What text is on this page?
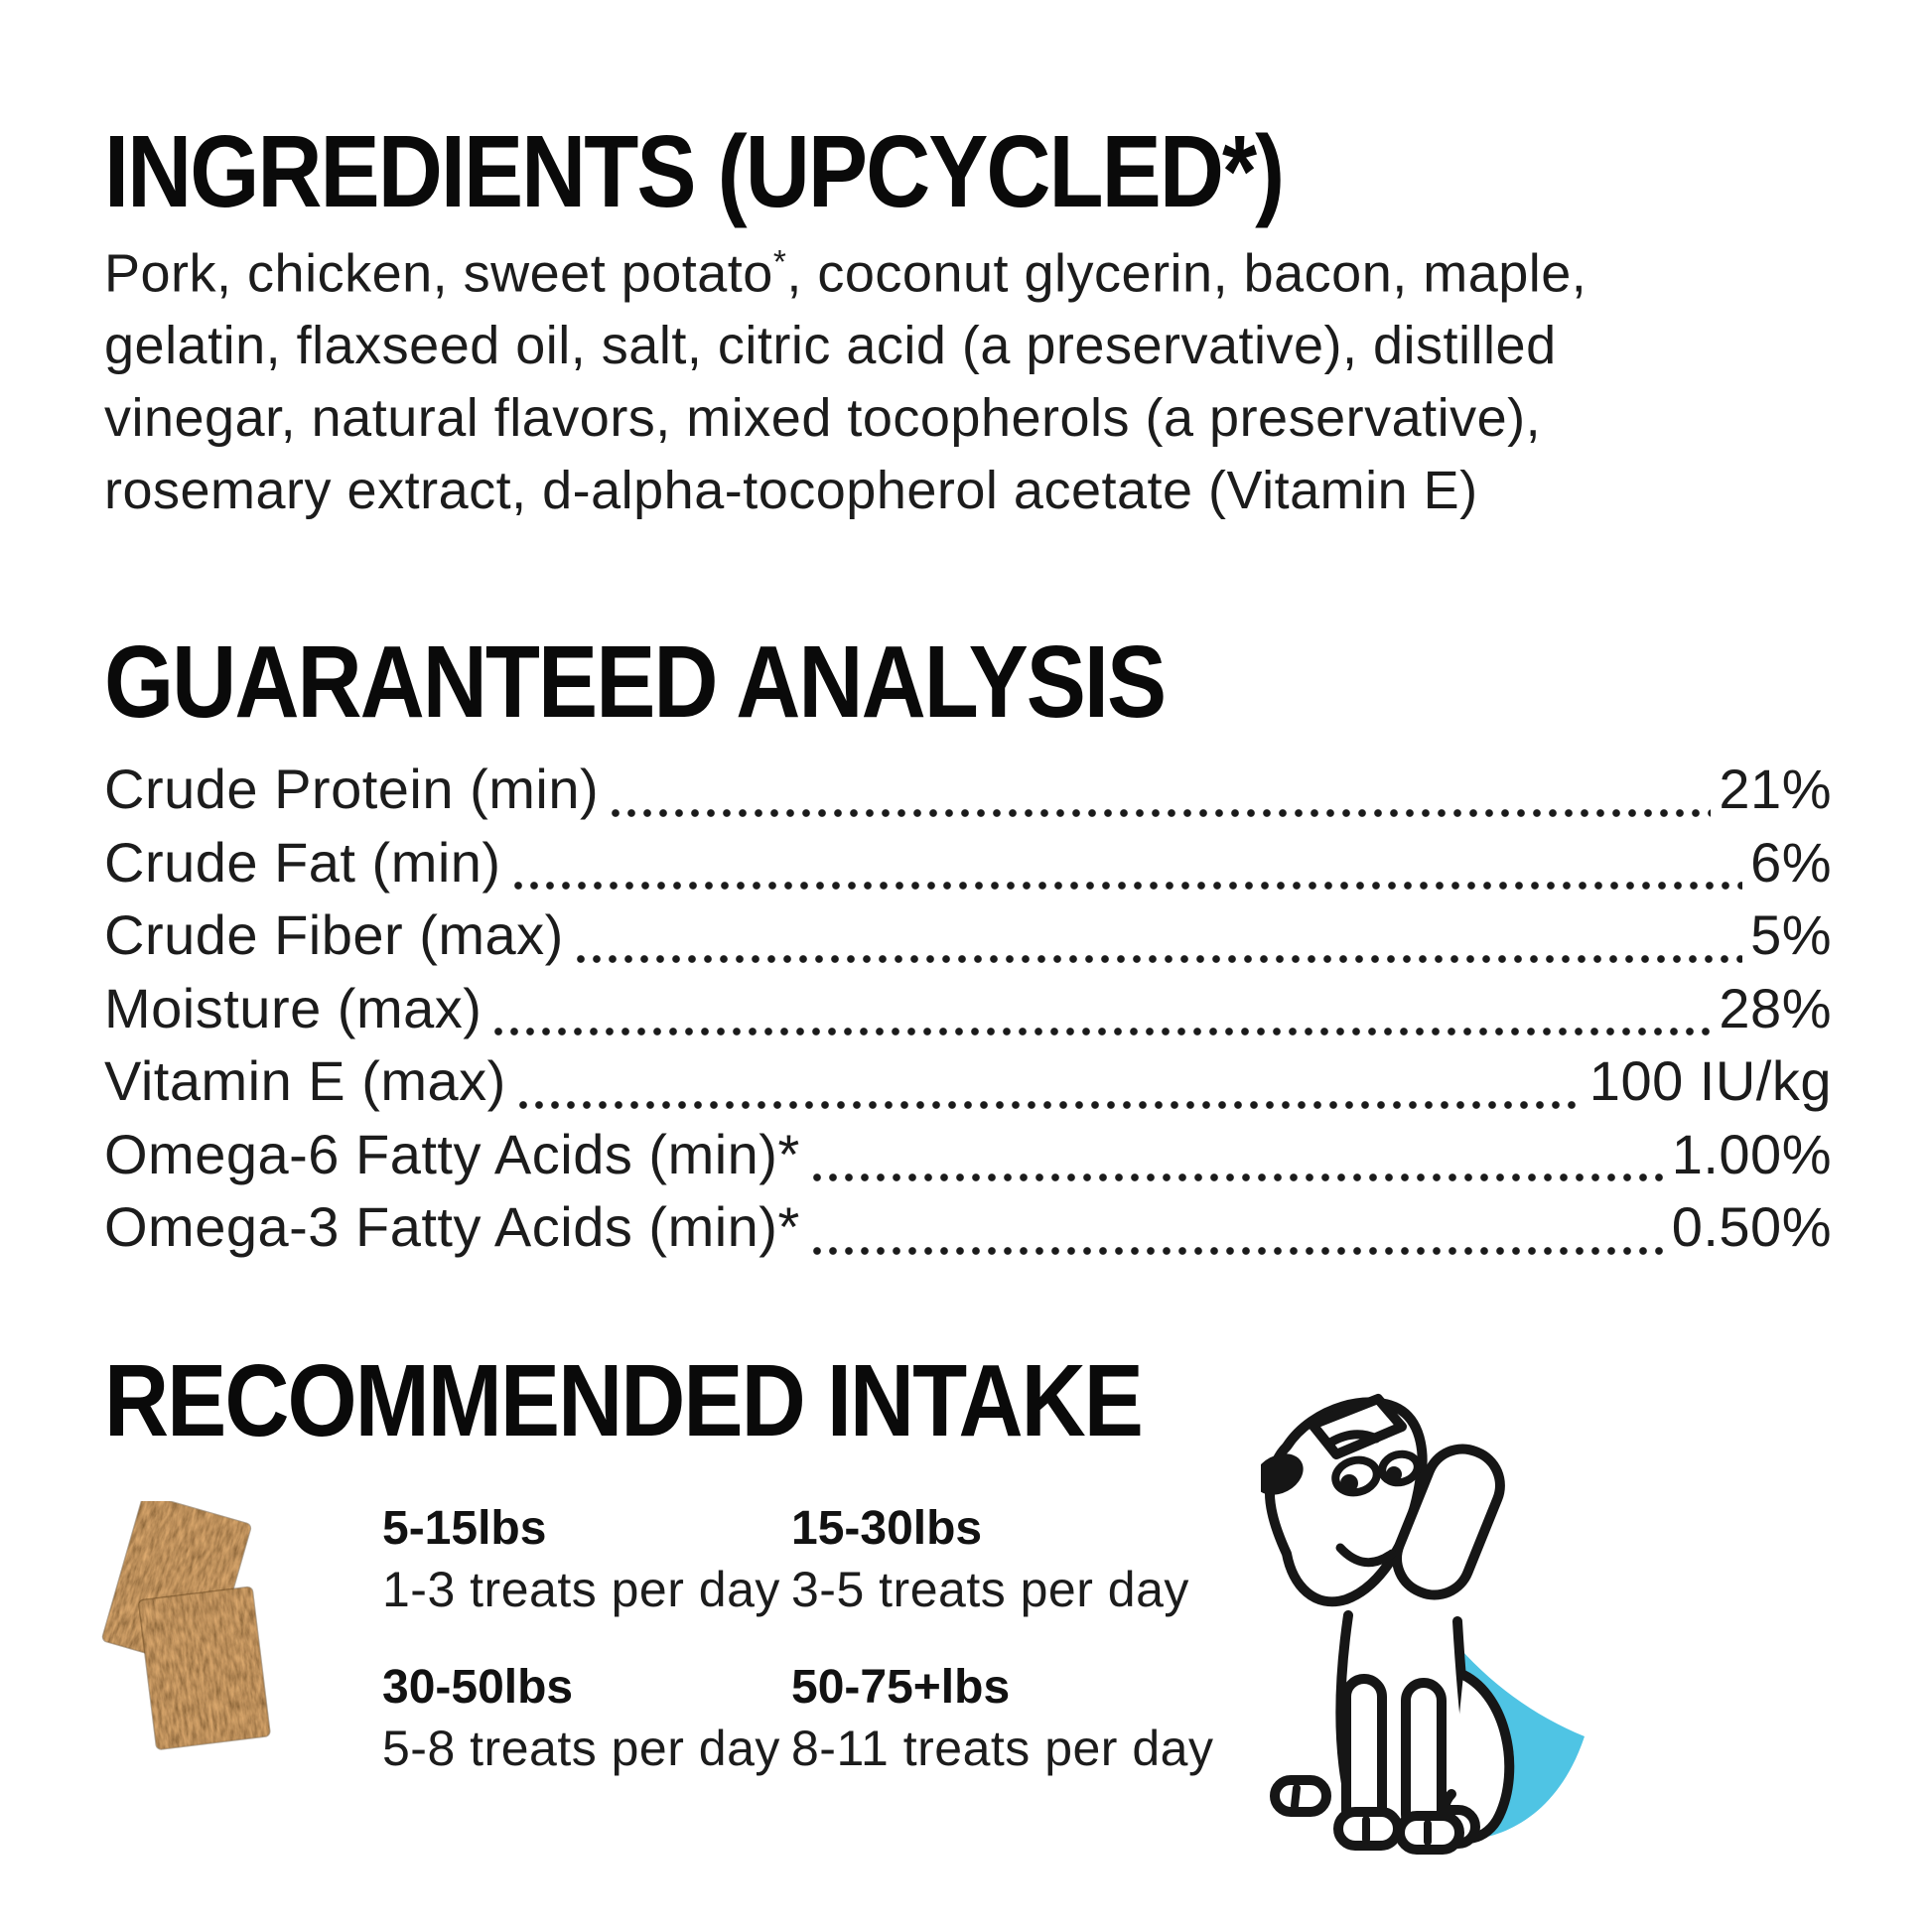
INGREDIENTS (UPCYCLED*)
Pork, chicken, sweet potato*, coconut glycerin, bacon, maple,
gelatin, flaxseed oil, salt, citric acid (a preservative), distilled
vinegar, natural flavors, mixed tocopherols (a preservative),
rosemary extract, d-alpha-tocopherol acetate (Vitamin E)
GUARANTEED ANALYSIS
Crude Protein (min)	21%
Crude Fat (min)	6%
Crude Fiber (max)	5%
Moisture (max)	28%
Vitamin E (max)	100 IU/kg
Omega-6 Fatty Acids (min)*	1.00%
Omega-3 Fatty Acids (min)*	0.50%
RECOMMENDED INTAKE
5-15lbs
1-3 treats per day
15-30lbs
3-5 treats per day
30-50lbs
5-8 treats per day
50-75+lbs
8-11 treats per day
